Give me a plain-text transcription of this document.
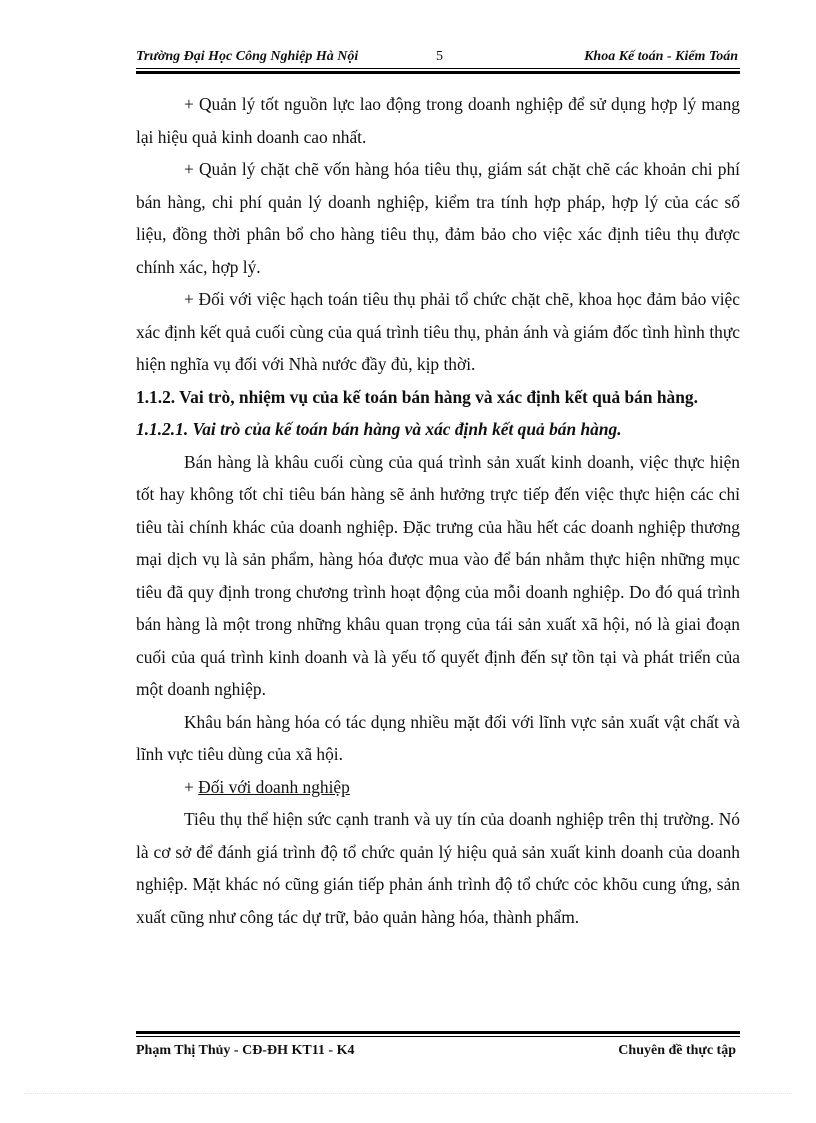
Trường Đại Học Công Nghiệp Hà Nội	5	Khoa Kế toán - Kiểm Toán

+ Quản lý tốt nguồn lực lao động trong doanh nghiệp để sử dụng hợp lý mang lại hiệu quả kinh doanh cao nhất.

+ Quản lý chặt chẽ vốn hàng hóa tiêu thụ, giám sát chặt chẽ các khoản chi phí bán hàng, chi phí quản lý doanh nghiệp, kiểm tra tính hợp pháp, hợp lý của các số liệu, đồng thời phân bổ cho hàng tiêu thụ, đảm bảo cho việc xác định tiêu thụ được chính xác, hợp lý.

+ Đối với việc hạch toán tiêu thụ phải tổ chức chặt chẽ, khoa học đảm bảo việc xác định kết quả cuối cùng của quá trình tiêu thụ, phản ánh và giám đốc tình hình thực hiện nghĩa vụ đối với Nhà nước đầy đủ, kịp thời.

1.1.2. Vai trò, nhiệm vụ của kế toán bán hàng và xác định kết quả bán hàng.

1.1.2.1. Vai trò của kế toán bán hàng và xác định kết quả bán hàng.

Bán hàng là khâu cuối cùng của quá trình sản xuất kinh doanh, việc thực hiện tốt hay không tốt chỉ tiêu bán hàng sẽ ảnh hưởng trực tiếp đến việc thực hiện các chỉ tiêu tài chính khác của doanh nghiệp. Đặc trưng của hầu hết các doanh nghiệp thương mại dịch vụ là sản phẩm, hàng hóa được mua vào để bán nhằm thực hiện những mục tiêu đã quy định trong chương trình hoạt động của mỗi doanh nghiệp. Do đó quá trình bán hàng là một trong những khâu quan trọng của tái sản xuất xã hội, nó là giai đoạn cuối của quá trình kinh doanh và là yếu tố quyết định đến sự tồn tại và phát triển của một doanh nghiệp.

Khâu bán hàng hóa có tác dụng nhiều mặt đối với lĩnh vực sản xuất vật chất và lĩnh vực tiêu dùng của xã hội.

+ Đối với doanh nghiệp

Tiêu thụ thể hiện sức cạnh tranh và uy tín của doanh nghiệp trên thị trường. Nó là cơ sở để đánh giá trình độ tổ chức quản lý hiệu quả sản xuất kinh doanh của doanh nghiệp. Mặt khác nó cũng gián tiếp phản ánh trình độ tổ chức cỏc khõu cung ứng, sản xuất cũng như công tác dự trữ, bảo quản hàng hóa, thành phẩm.

Phạm Thị Thủy - CĐ-ĐH KT11 - K4	Chuyên đề thực tập
